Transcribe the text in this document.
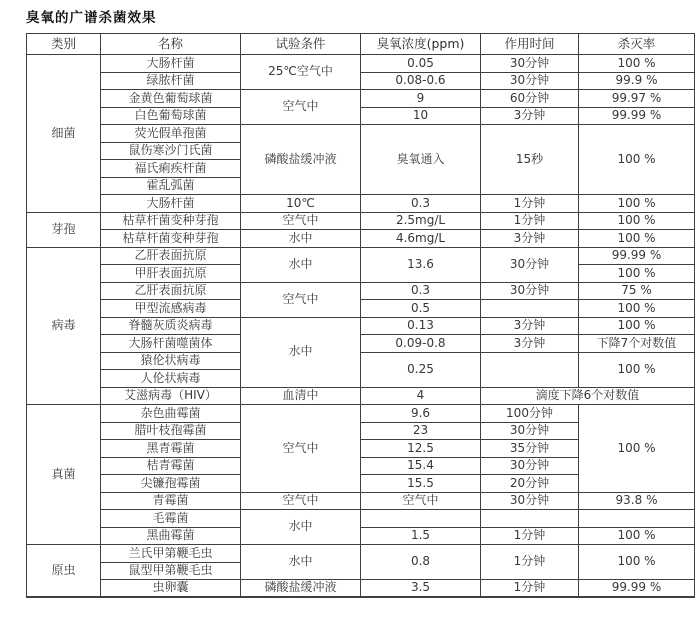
臭氧的广谱杀菌效果
类别	名称	试验条件	臭氧浓度(ppm)	作用时间	杀灭率
细菌	大肠杆菌	25℃空气中	0.05	30分钟	100 %
	绿脓杆菌		0.08-0.6	30分钟	99.9 %
	金黄色葡萄球菌	空气中	9	60分钟	99.97 %
	白色葡萄球菌		10	3分钟	99.99 %
	荧光假单孢菌	磷酸盐缓冲液	臭氧通入	15秒	100 %
	鼠伤寒沙门氏菌				
	福氏痢疾杆菌				
	霍乱弧菌				
	大肠杆菌	10℃	0.3	1分钟	100 %
芽孢	枯草杆菌变种芽孢	空气中	2.5mg/L	1分钟	100 %
	枯草杆菌变种芽孢	水中	4.6mg/L	3分钟	100 %
病毒	乙肝表面抗原	水中	13.6	30分钟	99.99 %
	甲肝表面抗原				100 %
	乙肝表面抗原	空气中	0.3	30分钟	75 %
	甲型流感病毒		0.5		100 %
	脊髓灰质炎病毒	水中	0.13	3分钟	100 %
	大肠杆菌噬菌体		0.09-0.8	3分钟	下降7个对数值
	猿伦状病毒		0.25		100 %
	人伦状病毒				
	艾滋病毒（HIV）	血清中	4	滴度下降6个对数值	
真菌	杂色曲霉菌	空气中	9.6	100分钟	100 %
	腊叶枝孢霉菌		23	30分钟	
	黑青霉菌		12.5	35分钟	
	桔青霉菌		15.4	30分钟	
	尖镰孢霉菌		15.5	20分钟	
	青霉菌	空气中	空气中	30分钟	93.8 %
	毛霉菌	水中			
	黑曲霉菌		1.5	1分钟	100 %
原虫	兰氏甲第鞭毛虫	水中	0.8	1分钟	100 %
	鼠型甲第鞭毛虫				
	虫卵囊	磷酸盐缓冲液	3.5	1分钟	99.99 %
